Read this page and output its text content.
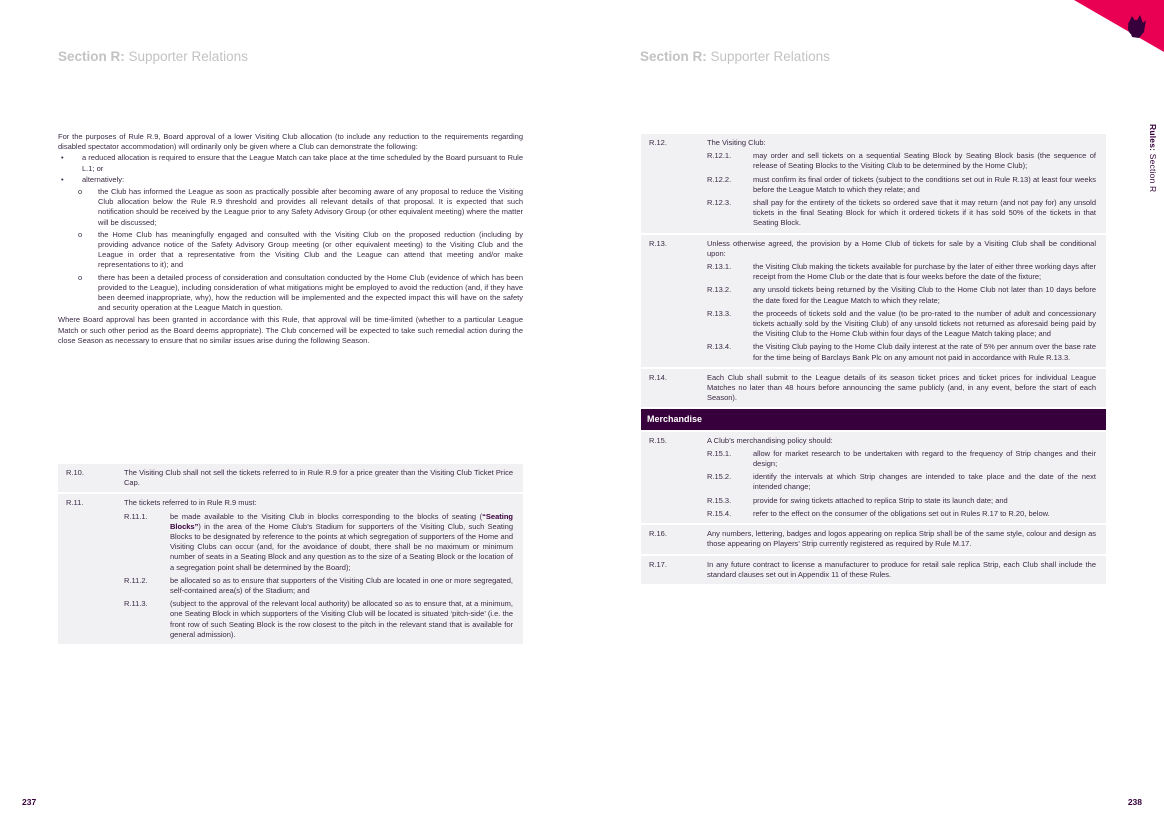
Section R: Supporter Relations

For the purposes of Rule R.9, Board approval of a lower Visiting Club allocation (to include any reduction to the requirements regarding disabled spectator accommodation) will ordinarily only be given where a Club can demonstrate the following:

•	a reduced allocation is required to ensure that the League Match can take place at the time scheduled by the Board pursuant to Rule L.1; or
•	alternatively:
o	the Club has informed the League as soon as practically possible after becoming aware of any proposal to reduce the Visiting Club allocation below the Rule R.9 threshold and provides all relevant details of that proposal. It is expected that such notification should be received by the League prior to any Safety Advisory Group (or other equivalent meeting) where the matter will be discussed;
o	the Home Club has meaningfully engaged and consulted with the Visiting Club on the proposed reduction (including by providing advance notice of the Safety Advisory Group meeting (or other equivalent meeting) to the Visiting Club and the League in order that a representative from the Visiting Club and the League can attend that meeting and/or make representations to it); and
o	there has been a detailed process of consideration and consultation conducted by the Home Club (evidence of which has been provided to the League), including consideration of what mitigations might be employed to avoid the reduction (and, if they have been deemed inappropriate, why), how the reduction will be implemented and the expected impact this will have on the safety and security operation at the League Match in question.

Where Board approval has been granted in accordance with this Rule, that approval will be time-limited (whether to a particular League Match or such other period as the Board deems appropriate). The Club concerned will be expected to take such remedial action during the close Season as necessary to ensure that no similar issues arise during the following Season.

R.10.	The Visiting Club shall not sell the tickets referred to in Rule R.9 for a price greater than the Visiting Club Ticket Price Cap.
R.11.	The tickets referred to in Rule R.9 must:
R.11.1.	be made available to the Visiting Club in blocks corresponding to the blocks of seating (“Seating Blocks”) in the area of the Home Club’s Stadium for supporters of the Visiting Club, such Seating Blocks to be designated by reference to the points at which segregation of supporters of the Home and Visiting Clubs can occur (and, for the avoidance of doubt, there shall be no maximum or minimum number of seats in a Seating Block and any question as to the size of a Seating Block or the location of a segregation point shall be determined by the Board);
R.11.2.	be allocated so as to ensure that supporters of the Visiting Club are located in one or more segregated, self-contained area(s) of the Stadium; and
R.11.3.	(subject to the approval of the relevant local authority) be allocated so as to ensure that, at a minimum, one Seating Block in which supporters of the Visiting Club will be located is situated ‘pitch-side’ (i.e. the front row of such Seating Block is the row closest to the pitch in the relevant stand that is available for general admission).
237
Section R: Supporter Relations
Rules: Section R
R.12.	The Visiting Club:
R.12.1.	may order and sell tickets on a sequential Seating Block by Seating Block basis (the sequence of release of Seating Blocks to the Visiting Club to be determined by the Home Club);
R.12.2.	must confirm its final order of tickets (subject to the conditions set out in Rule R.13) at least four weeks before the League Match to which they relate; and
R.12.3.	shall pay for the entirety of the tickets so ordered save that it may return (and not pay for) any unsold tickets in the final Seating Block for which it ordered tickets if it has sold 50% of the tickets in that Seating Block.
R.13.	Unless otherwise agreed, the provision by a Home Club of tickets for sale by a Visiting Club shall be conditional upon:
R.13.1.	the Visiting Club making the tickets available for purchase by the later of either three working days after receipt from the Home Club or the date that is four weeks before the date of the fixture;
R.13.2.	any unsold tickets being returned by the Visiting Club to the Home Club not later than 10 days before the date fixed for the League Match to which they relate;
R.13.3.	the proceeds of tickets sold and the value (to be pro-rated to the number of adult and concessionary tickets actually sold by the Visiting Club) of any unsold tickets not returned as aforesaid being paid by the Visiting Club to the Home Club within four days of the League Match taking place; and
R.13.4.	the Visiting Club paying to the Home Club daily interest at the rate of 5% per annum over the base rate for the time being of Barclays Bank Plc on any amount not paid in accordance with Rule R.13.3.
R.14.	Each Club shall submit to the League details of its season ticket prices and ticket prices for individual League Matches no later than 48 hours before announcing the same publicly (and, in any event, before the start of each Season).
Merchandise
R.15.	A Club’s merchandising policy should:
R.15.1.	allow for market research to be undertaken with regard to the frequency of Strip changes and their design;
R.15.2.	identify the intervals at which Strip changes are intended to take place and the date of the next intended change;
R.15.3.	provide for swing tickets attached to replica Strip to state its launch date; and
R.15.4.	refer to the effect on the consumer of the obligations set out in Rules R.17 to R.20, below.
R.16.	Any numbers, lettering, badges and logos appearing on replica Strip shall be of the same style, colour and design as those appearing on Players’ Strip currently registered as required by Rule M.17.
R.17.	In any future contract to license a manufacturer to produce for retail sale replica Strip, each Club shall include the standard clauses set out in Appendix 11 of these Rules.
238
